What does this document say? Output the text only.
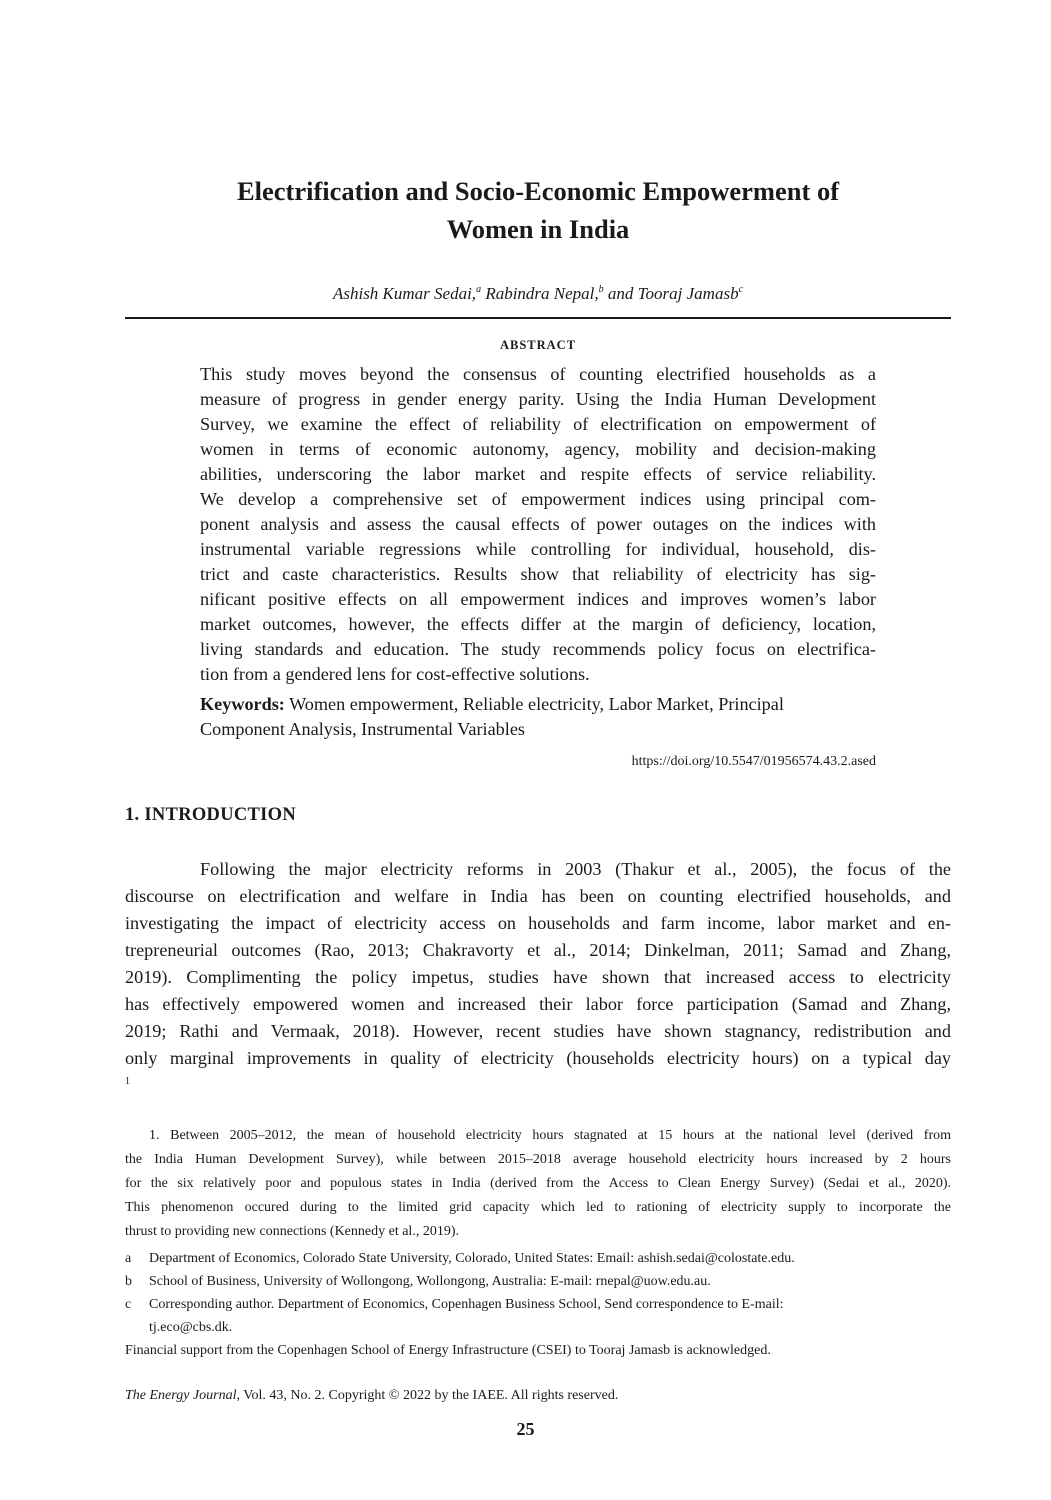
Electrification and Socio-Economic Empowerment of
Women in India
Ashish Kumar Sedai,$^a$ Rabindra Nepal,$^b$ and Tooraj Jamasb$^c$
ABSTRACT

This study moves beyond the consensus of counting electrified households as a
measure of progress in gender energy parity. Using the India Human Development
Survey, we examine the effect of reliability of electrification on empowerment of
women in terms of economic autonomy, agency, mobility and decision-making
abilities, underscoring the labor market and respite effects of service reliability.
We develop a comprehensive set of empowerment indices using principal com-
ponent analysis and assess the causal effects of power outages on the indices with
instrumental variable regressions while controlling for individual, household, dis-
trict and caste characteristics. Results show that reliability of electricity has sig-
nificant positive effects on all empowerment indices and improves women’s labor
market outcomes, however, the effects differ at the margin of deficiency, location,
living standards and education. The study recommends policy focus on electrifica-
tion from a gendered lens for cost-effective solutions.

Keywords: Women empowerment, Reliable electricity, Labor Market, Principal
Component Analysis, Instrumental Variables

https://doi.org/10.5547/01956574.43.2.ased
1. INTRODUCTION

Following the major electricity reforms in 2003 (Thakur et al., 2005), the focus of the
discourse on electrification and welfare in India has been on counting electrified households, and
investigating the impact of electricity access on households and farm income, labor market and en-
trepreneurial outcomes (Rao, 2013; Chakravorty et al., 2014; Dinkelman, 2011; Samad and Zhang,
2019). Complimenting the policy impetus, studies have shown that increased access to electricity
has effectively empowered women and increased their labor force participation (Samad and Zhang,
2019; Rathi and Vermaak, 2018). However, recent studies have shown stagnancy, redistribution and
only marginal improvements in quality of electricity (households electricity hours) on a typical day
$^1$

1. Between 2005–2012, the mean of household electricity hours stagnated at 15 hours at the national level (derived from
the India Human Development Survey), while between 2015–2018 average household electricity hours increased by 2 hours
for the six relatively poor and populous states in India (derived from the Access to Clean Energy Survey) (Sedai et al., 2020).
This phenomenon occured during to the limited grid capacity which led to rationing of electricity supply to incorporate the
thrust to providing new connections (Kennedy et al., 2019).

a Department of Economics, Colorado State University, Colorado, United States: Email: ashish.sedai@colostate.edu.
b School of Business, University of Wollongong, Wollongong, Australia: E-mail: rnepal@uow.edu.au.
c Corresponding author. Department of Economics, Copenhagen Business School, Send correspondence to E-mail:
tj.eco@cbs.dk.
Financial support from the Copenhagen School of Energy Infrastructure (CSEI) to Tooraj Jamasb is acknowledged.
The Energy Journal, Vol. 43, No. 2. Copyright © 2022 by the IAEE. All rights reserved.
25
